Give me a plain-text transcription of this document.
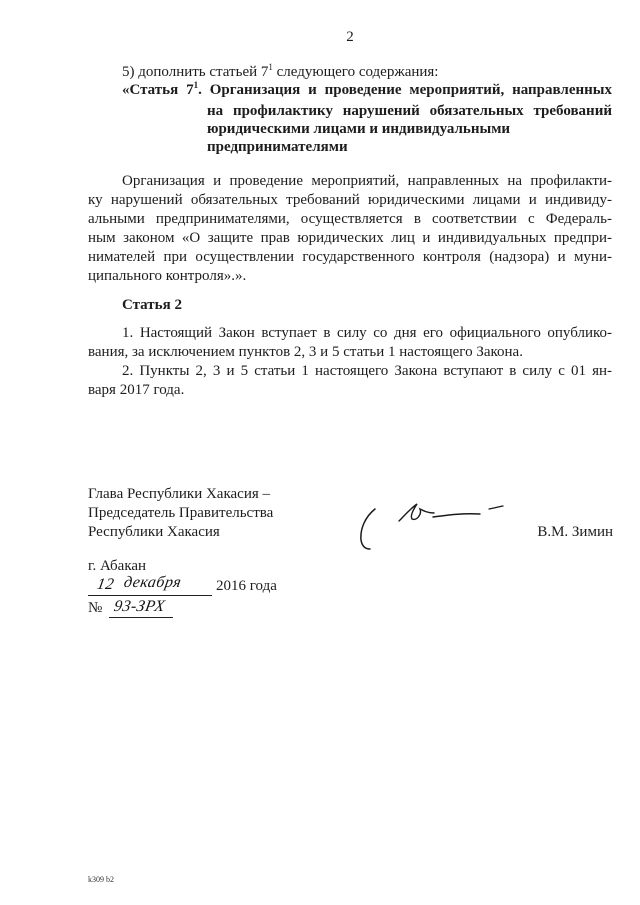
2
5) дополнить статьей $7^1$ следующего содержания:
«Статья $7^1$. Организация и проведение мероприятий, направленных
на профилактику нарушений обязательных требований
юридическими лицами и индивидуальными
предпринимателями
Организация и проведение мероприятий, направленных на профилакти-
ку нарушений обязательных требований юридическими лицами и индивиду-
альными предпринимателями, осуществляется в соответствии с Федераль-
ным законом «О защите прав юридических лиц и индивидуальных предпри-
нимателей при осуществлении государственного контроля (надзора) и муни-
ципального контроля».».
Статья 2
1. Настоящий Закон вступает в силу со дня его официального опублико-
вания, за исключением пунктов 2, 3 и 5 статьи 1 настоящего Закона.
2. Пункты 2, 3 и 5 статьи 1 настоящего Закона вступают в силу с 01 ян-
варя 2017 года.
Глава Республики Хакасия –
Председатель Правительства
Республики Хакасия	В.М. Зимин
г. Абакан
12 декабря 2016 года
№ 93-ЗРХ
k309 b2
